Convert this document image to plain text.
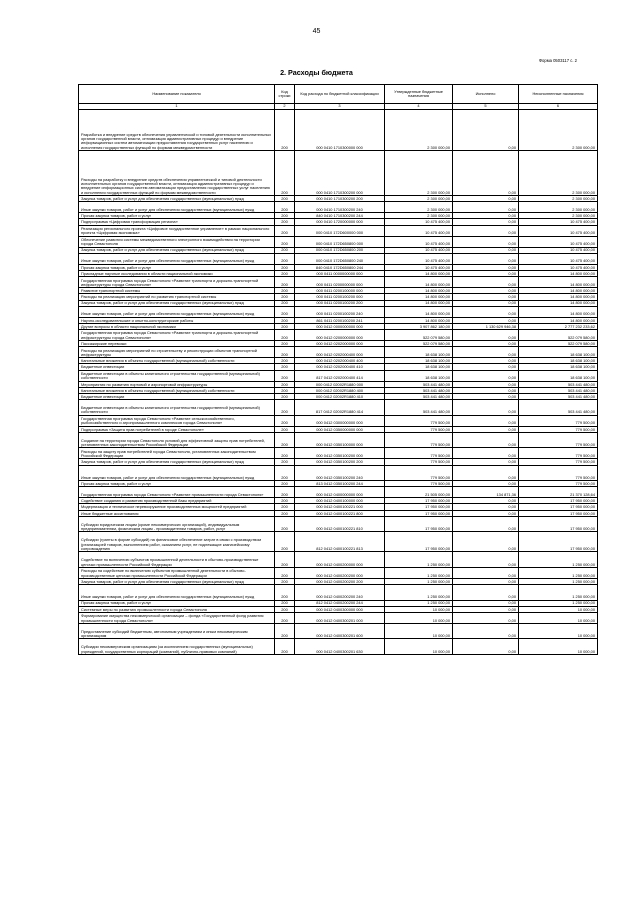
45
Форма 0503117 с. 2
2. Расходы бюджета
Наименование показателя	Код строки	Код расхода по бюджетной классификации	Утвержденные бюджетные назначения	Исполнено	Неисполненные назначения
1	2	3	4	5	6
Разработка и внедрение средств обеспечения управленческой и типовой деятельности исполнительных органов государственной власти, оптимизация административных процедур и внедрение информационных систем автоматизации предоставления государственных услуг населению и исполнения государственных функций по формам межведомственности	200	000 0410 1710300000 000	2 300 000,00	0,00	2 300 000,00
Расходы на разработку и внедрение средств обеспечения управленческой и типовой деятельности исполнительных органов государственной власти, оптимизация административных процедур и внедрение информационных систем автоматизации предоставления государственных услуг населению и исполнения государственных функций по формам межведомственности	200	000 0410 1710300200 000	2 300 000,00	0,00	2 300 000,00
Закупка товаров, работ и услуг для обеспечения государственных (муниципальных) нужд	200	000 0410 1710300200 200	2 300 000,00	0,00	2 300 000,00
Иные закупки товаров, работ и услуг для обеспечения государственных (муниципальных) нужд	200	000 0410 1710300200 240	2 300 000,00	0,00	2 300 000,00
Прочая закупка товаров, работ и услуг	200	840 0410 1710300200 244	2 300 000,00	0,00	2 300 000,00
Подпрограмма «Цифровая трансформация региона»	200	000 0410 1720000000 000	10 475 400,00	0,00	10 475 400,00
Реализация регионального проекта «Цифровое государственное управление» в рамках национального проекта «Цифровая экономика»	200	000 0410 172D600000 000	10 475 400,00	0,00	10 475 400,00
Обеспечение развития системы межведомственного электронного взаимодействия на территории города Севастополя	200	000 0410 172D650800 000	10 475 400,00	0,00	10 475 400,00
Закупка товаров, работ и услуг для обеспечения государственных (муниципальных) нужд	200	000 0410 172D650800 200	10 475 400,00	0,00	10 475 400,00
Иные закупки товаров, работ и услуг для обеспечения государственных (муниципальных) нужд	200	000 0410 172D650800 240	10 475 400,00	0,00	10 475 400,00
Прочая закупка товаров, работ и услуг	200	840 0410 172D650800 244	10 475 400,00	0,00	10 475 400,00
Прикладные научные исследования в области национальной экономики	200	000 0411 0000000000 000	14 800 000,00	0,00	14 800 000,00
Государственная программа города Севастополя «Развитие транспорта и дорожно-транспортной инфраструктуры города Севастополя»	200	000 0411 0200000000 000	14 800 000,00	0,00	14 800 000,00
Развитие транспортной системы	200	000 0411 0200100000 000	14 800 000,00	0,00	14 800 000,00
Расходы на реализацию мероприятий по развитию транспортной системы	200	000 0411 0200100200 000	14 800 000,00	0,00	14 800 000,00
Закупка товаров, работ и услуг для обеспечения государственных (муниципальных) нужд	200	000 0411 0200100200 200	14 800 000,00	0,00	14 800 000,00
Иные закупки товаров, работ и услуг для обеспечения государственных (муниципальных) нужд	200	000 0411 0200100200 240	14 800 000,00	0,00	14 800 000,00
Научно-исследовательские и опытно-конструкторские работы	200	861 0411 0200100200 241	14 800 000,00	0,00	14 800 000,00
Другие вопросы в области национальной экономики	200	000 0412 0000000000 000	3 907 862 180,00	1 130 629 946,38	2 777 232 233,62
Государственная программа города Севастополя «Развитие транспорта и дорожно-транспортной инфраструктуры города Севастополя»	200	000 0412 0200000000 000	522 079 580,00	0,00	522 079 580,00
Пассажирские перевозки	200	000 0412 0202000000 000	522 079 580,00	0,00	522 079 580,00
Расходы на реализацию мероприятий по строительству и реконструкции объектов транспортной инфраструктуры	200	000 0412 0202000400 000	18 638 100,00	0,00	18 638 100,00
Капитальные вложения в объекты государственной (муниципальной) собственности	200	000 0412 0202000400 400	18 638 100,00	0,00	18 638 100,00
Бюджетные инвестиции	200	000 0412 0202000400 410	18 638 100,00	0,00	18 638 100,00
Бюджетные инвестиции в объекты капитального строительства государственной (муниципальной) собственности	200	817 0412 0202000400 414	18 638 100,00	0,00	18 638 100,00
Мероприятия по развитию портовой и аэропортовой инфраструктуры	200	000 0412 02002R1880 000	503 441 480,00	0,00	503 441 480,00
Капитальные вложения в объекты государственной (муниципальной) собственности	200	000 0412 02002R1880 400	503 441 480,00	0,00	503 441 480,00
Бюджетные инвестиции	200	000 0412 02002R1880 410	503 441 480,00	0,00	503 441 480,00
Бюджетные инвестиции в объекты капитального строительства государственной (муниципальной) собственности	200	817 0412 02002R1880 414	503 441 480,00	0,00	503 441 480,00
Государственная программа города Севастополя «Развитие сельскохозяйственного, рыбохозяйственного и агропромышленного комплексов города Севастополя»	200	000 0412 0300000000 000	779 500,00	0,00	779 500,00
Подпрограмма «Защита прав потребителей в городе Севастополе»	200	000 0412 0350000000 000	779 500,00	0,00	779 500,00
Создание на территории города Севастополя условий для эффективной защиты прав потребителей, установленных законодательством Российской Федерации	200	000 0412 0350100000 000	779 500,00	0,00	779 500,00
Расходы на защиту прав потребителей города Севастополя, установленных законодательством Российской Федерации	200	000 0412 0350100200 000	779 500,00	0,00	779 500,00
Закупка товаров, работ и услуг для обеспечения государственных (муниципальных) нужд	200	000 0412 0350100200 200	779 500,00	0,00	779 500,00
Иные закупки товаров, работ и услуг для обеспечения государственных (муниципальных) нужд	200	000 0412 0350100200 240	779 500,00	0,00	779 500,00
Прочая закупка товаров, работ и услуг	200	813 0412 0350100200 244	779 500,00	0,00	779 500,00
Государственная программа города Севастополя «Развитие промышленности города Севастополя»	200	000 0412 0400000000 000	21 505 000,00	134 871,36	21 370 128,64
Содействие созданию и развитию производственной базы предприятий	200	000 0412 0400100000 000	17 950 000,00	0,00	17 950 000,00
Модернизация и техническое перевооружение производственных мощностей предприятий	200	000 0412 0400100221 000	17 950 000,00	0,00	17 950 000,00
Иные бюджетные ассигнования	200	000 0412 0400100221 800	17 950 000,00	0,00	17 950 000,00
Субсидии юридическим лицам (кроме некоммерческих организаций), индивидуальным предпринимателям, физическим лицам - производителям товаров, работ, услуг	200	000 0412 0400100221 810	17 950 000,00	0,00	17 950 000,00
Субсидии (гранты в форме субсидий) на финансовое обеспечение затрат в связи с производством (реализацией товаров, выполнением работ, оказанием услуг, не подлежащие казначейскому сопровождению	200	812 0412 0400100221 813	17 950 000,00	0,00	17 950 000,00
Содействие по включению субъектов промышленной деятельности в сбытово-производственные цепочки промышленности Российской Федерации	200	000 0412 0400200000 000	1 250 000,00	0,00	1 250 000,00
Расходы на содействие по включению субъектов промышленной деятельности в сбытово-производственные цепочки промышленности Российской Федерации	200	000 0412 0400200200 000	1 250 000,00	0,00	1 250 000,00
Закупка товаров, работ и услуг для обеспечения государственных (муниципальных) нужд	200	000 0412 0400200200 200	1 250 000,00	0,00	1 250 000,00
Иные закупки товаров, работ и услуг для обеспечения государственных (муниципальных) нужд	200	000 0412 0400200200 240	1 250 000,00	0,00	1 250 000,00
Прочая закупка товаров, работ и услуг	200	812 0412 0400200200 244	1 250 000,00	0,00	1 250 000,00
Системные меры по развитию промышленности города Севастополя	200	000 0412 0400300000 000	10 000,00	0,00	10 000,00
Формирование имущества некоммерческой организации – фонда «Государственный фонд развития промышленности города Севастополя»	200	000 0412 0400300201 000	10 000,00	0,00	10 000,00
Предоставление субсидий бюджетным, автономным учреждениям и иным некоммерческим организациям	200	000 0412 0400300201 600	10 000,00	0,00	10 000,00
Субсидии некоммерческим организациям (за исключением государственных (муниципальных) учреждений, государственных корпораций (компаний), публично-правовых компаний)	200	000 0412 0400300201 630	10 000,00	0,00	10 000,00
